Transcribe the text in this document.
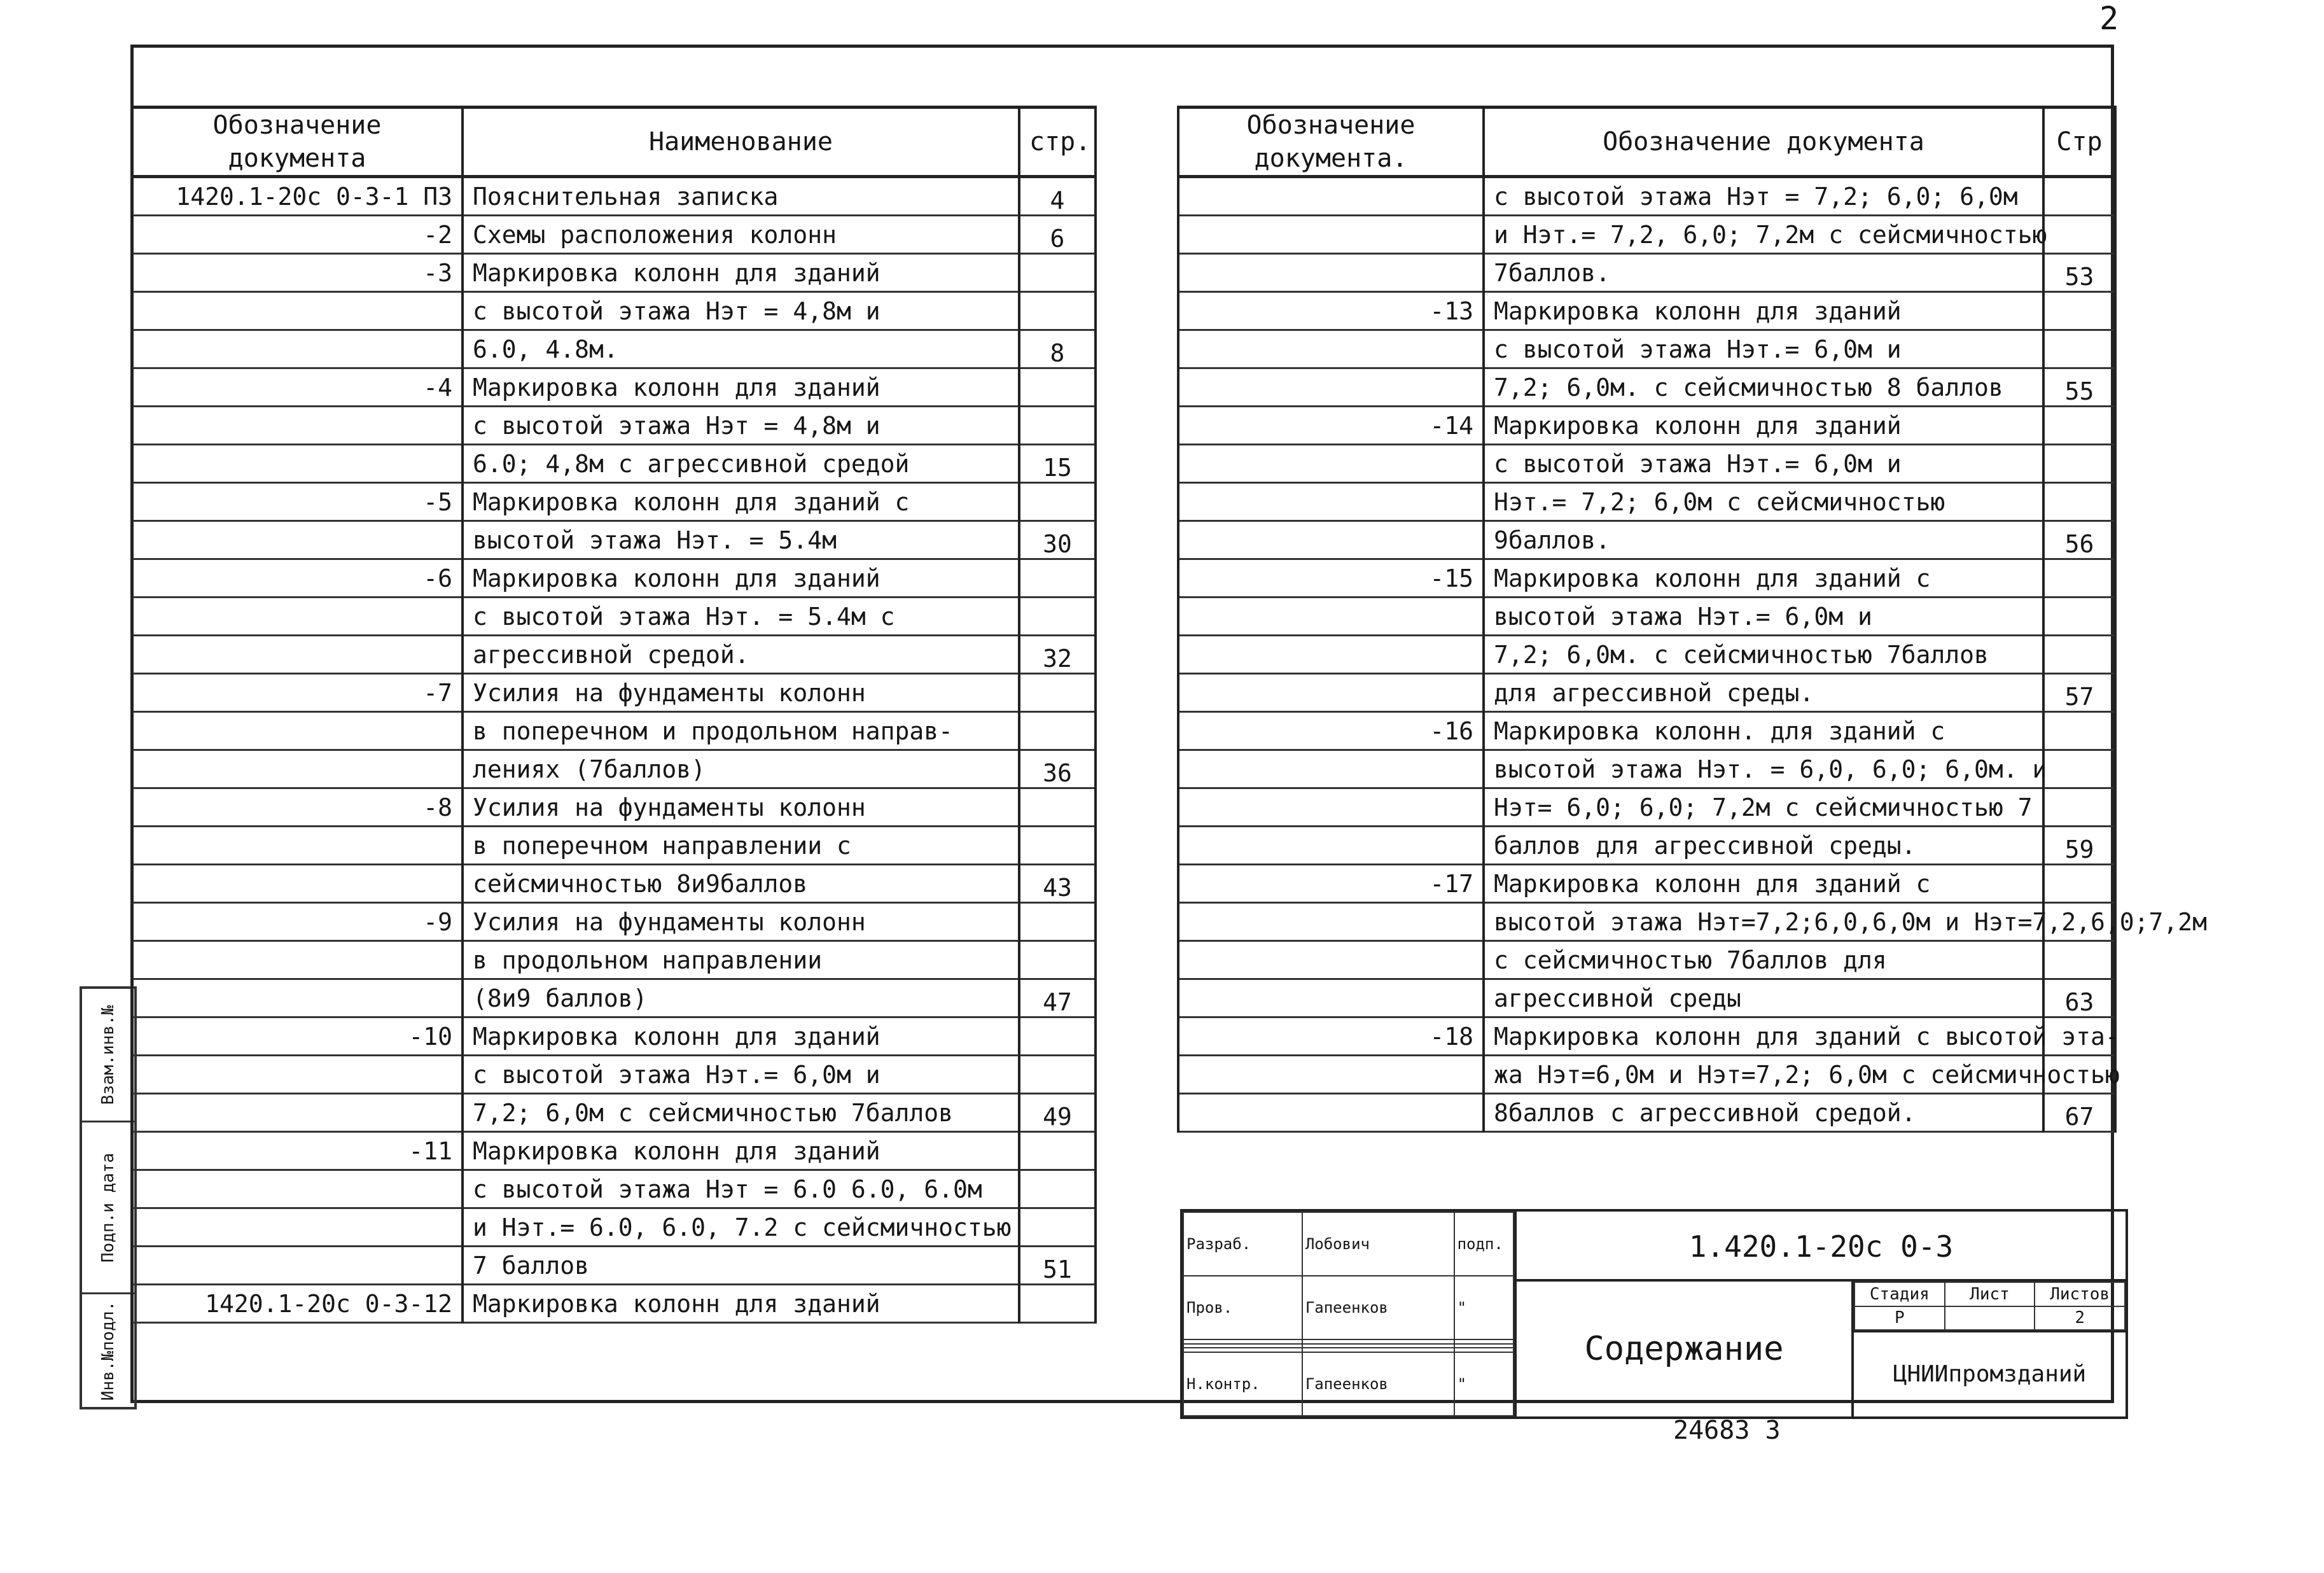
2
Взам.инв.№
Подп.и дата
Инв.№подл.
Обозначение документа	Наименование	стр.
1420.1-20с 0-3-1 П3	Пояснительная записка	4
-2	Схемы расположения колонн	6
-3	Маркировка колонн для зданий	
	с высотой этажа Нэт = 4,8м и	
	6.0, 4.8м.	8
-4	Маркировка колонн для зданий	
	с высотой этажа Нэт = 4,8м и	
	6.0; 4,8м с агрессивной средой	15
-5	Маркировка колонн для зданий с	
	высотой этажа Нэт. = 5.4м	30
-6	Маркировка колонн для зданий	
	с высотой этажа Нэт. = 5.4м с	
	агрессивной средой.	32
-7	Усилия на фундаменты колонн	
	в поперечном и продольном направ-	
	лениях (7баллов)	36
-8	Усилия на фундаменты колонн	
	в поперечном направлении с	
	сейсмичностью 8и9баллов	43
-9	Усилия на фундаменты колонн	
	в продольном направлении	
	(8и9 баллов)	47
-10	Маркировка колонн для зданий	
	с высотой этажа Нэт.= 6,0м и	
	7,2; 6,0м с сейсмичностью 7баллов	49
-11	Маркировка колонн для зданий	
	с высотой этажа Нэт = 6.0 6.0, 6.0м	
	и Нэт.= 6.0, 6.0, 7.2 с сейсмичностью	
	7 баллов	51
1420.1-20с 0-3-12	Маркировка колонн для зданий	
Обозначение документа.	Обозначение документа	Стр
	с высотой этажа Нэт = 7,2; 6,0; 6,0м	
	и Нэт.= 7,2, 6,0; 7,2м с сейсмичностью	
	7баллов.	53
-13	Маркировка колонн для зданий	
	с высотой этажа Нэт.= 6,0м и	
	7,2; 6,0м. с сейсмичностью 8 баллов	55
-14	Маркировка колонн для зданий	
	с высотой этажа Нэт.= 6,0м и	
	Нэт.= 7,2; 6,0м с сейсмичностью	
	9баллов.	56
-15	Маркировка колонн для зданий с	
	высотой этажа Нэт.= 6,0м и	
	7,2; 6,0м. с сейсмичностью 7баллов	
	для агрессивной среды.	57
-16	Маркировка колонн. для зданий с	
	высотой этажа Нэт. = 6,0, 6,0; 6,0м. и	
	Нэт= 6,0; 6,0; 7,2м с сейсмичностью 7	
	баллов для агрессивной среды.	59
-17	Маркировка колонн для зданий с	
	высотой этажа Нэт=7,2;6,0,6,0м и Нэт=7,2,6,0;7,2м	
	с сейсмичностью 7баллов для	
	агрессивной среды	63
-18	Маркировка колонн для зданий с высотой эта-	
	жа Нэт=6,0м и Нэт=7,2; 6,0м с сейсмичностью	
	8баллов с агрессивной средой.	67
Разраб.	Лобович	подп.
Пров.	Гапеенков	"

Н.контр.	Гапеенков	"
1.420.1-20с 0-3
Содержание
Стадия	Лист	Листов
Р		2
ЦНИИпромзданий
24683 3
